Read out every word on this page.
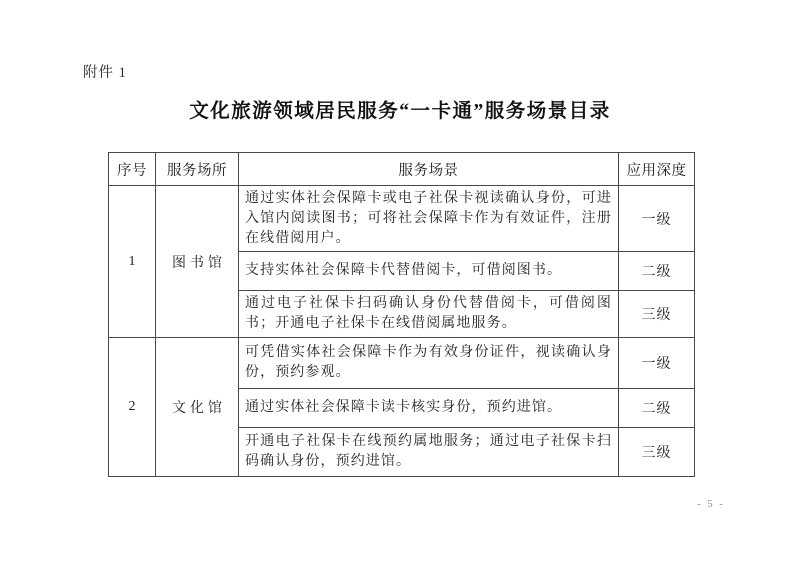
附件 1
文化旅游领域居民服务“一卡通”服务场景目录
序号	服务场所	服务场景	应用深度
1	图书馆	通过实体社会保障卡或电子社保卡视读确认身份，可进入馆内阅读图书；可将社会保障卡作为有效证件，注册在线借阅用户。	一级
		支持实体社会保障卡代替借阅卡，可借阅图书。	二级
		通过电子社保卡扫码确认身份代替借阅卡，可借阅图书；开通电子社保卡在线借阅属地服务。	三级
2	文化馆	可凭借实体社会保障卡作为有效身份证件，视读确认身份，预约参观。	一级
		通过实体社会保障卡读卡核实身份，预约进馆。	二级
		开通电子社保卡在线预约属地服务；通过电子社保卡扫码确认身份，预约进馆。	三级
- 5 -
